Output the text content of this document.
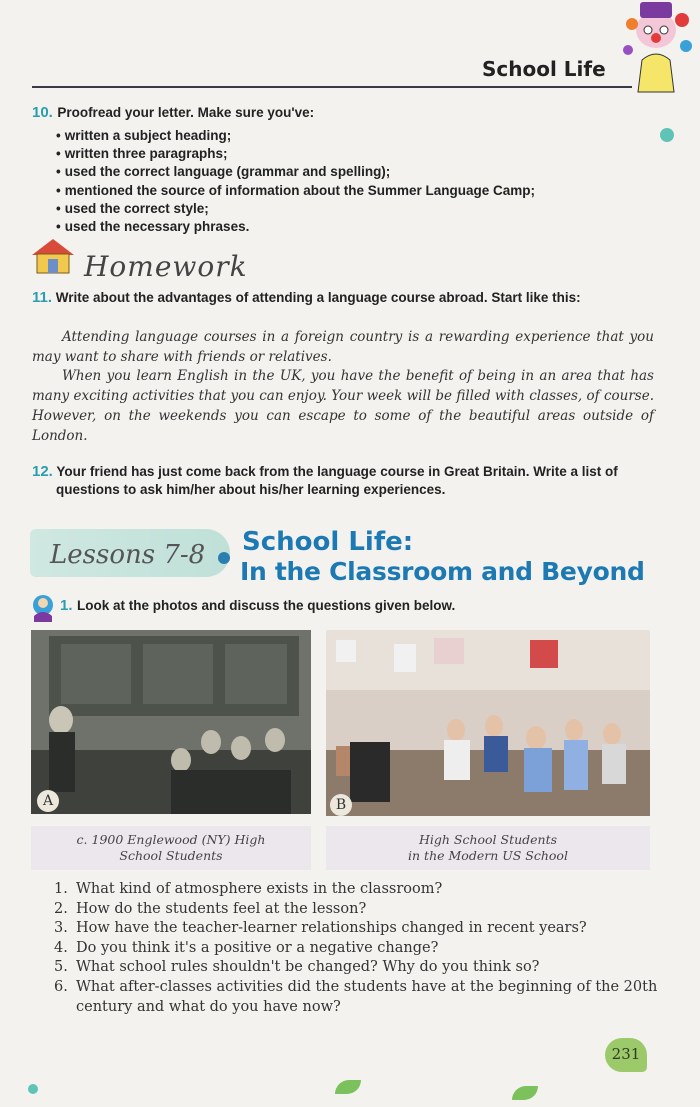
School Life
10. Proofread your letter. Make sure you've:
• written a subject heading;
• written three paragraphs;
• used the correct language (grammar and spelling);
• mentioned the source of information about the Summer Language Camp;
• used the correct style;
• used the necessary phrases.
Homework
11. Write about the advantages of attending a language course abroad. Start like this:

Attending language courses in a foreign country is a rewarding experience that you may want to share with friends or relatives.

When you learn English in the UK, you have the benefit of being in an area that has many exciting activities that you can enjoy. Your week will be filled with classes, of course. However, on the weekends you can escape to some of the beautiful areas outside of London.

12. Your friend has just come back from the language course in Great Britain. Write a list of questions to ask him/her about his/her learning experiences.
Lessons 7-8 School Life:
In the Classroom and Beyond
1. Look at the photos and discuss the questions given below.
A	B
c. 1900 Englewood (NY) High
School Students
High School Students
in the Modern US School
1. What kind of atmosphere exists in the classroom?
2. How do the students feel at the lesson?
3. How have the teacher-learner relationships changed in recent years?
4. Do you think it's a positive or a negative change?
5. What school rules shouldn't be changed? Why do you think so?
6. What after-classes activities did the students have at the beginning of the 20th century and what do you have now?
231
